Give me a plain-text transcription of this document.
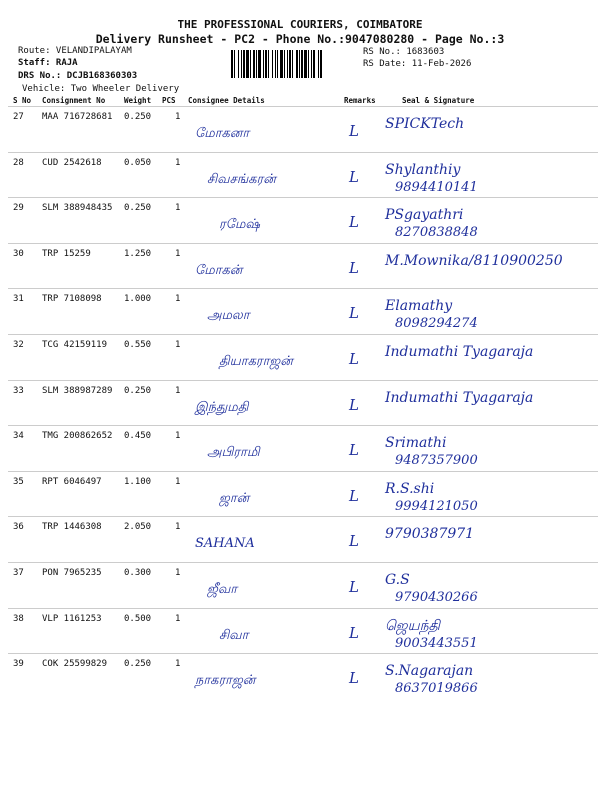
THE PROFESSIONAL COURIERS, COIMBATORE
Delivery Runsheet - PC2 - Phone No.:9047080280 - Page No.:3
Route: VELANDIPALAYAM
Staff: RAJA
DRS No.: DCJB168360303
Vehicle: Two Wheeler Delivery
RS No.: 1683603
RS Date: 11-Feb-2026
S No Consignment No	Weight PCS Consignee Details	Remarks	Seal & Signature
27 MAA 716728681 0.250	1
மோகனா	L SPICKTech
28 CUD 2542618 0.050	1
சிவசங்கரன்	L Shylanthiy
9894410141
29 SLM 388948435 0.250	1
ரமேஷ்	L PSgayathri
8270838848
30 TRP 15259	1.250	1
மோகன்	L M.Mownika/8110900250
31 TRP 7108098 1.000	1
அமலா	L Elamathy
8098294274
32 TCG 42159119 0.550	1
தியாகராஜன்	L Indumathi Tyagaraja
33 SLM 388987289 0.250	1
இந்துமதி	L Indumathi Tyagaraja
34 TMG 200862652 0.450	1
அபிராமி	L Srimathi
9487357900
35 RPT 6046497 1.100	1
ஜான்	L R.S.shi
9994121050
36 TRP 1446308 2.050	1
SAHANA	L 9790387971
37 PON 7965235 0.300	1
ஜீவா	L G.S
9790430266
38 VLP 1161253 0.500	1
சிவா	L ஜெயந்தி
9003443551
39 COK 25599829 0.250	1
நாகராஜன்	L S.Nagarajan
8637019866
